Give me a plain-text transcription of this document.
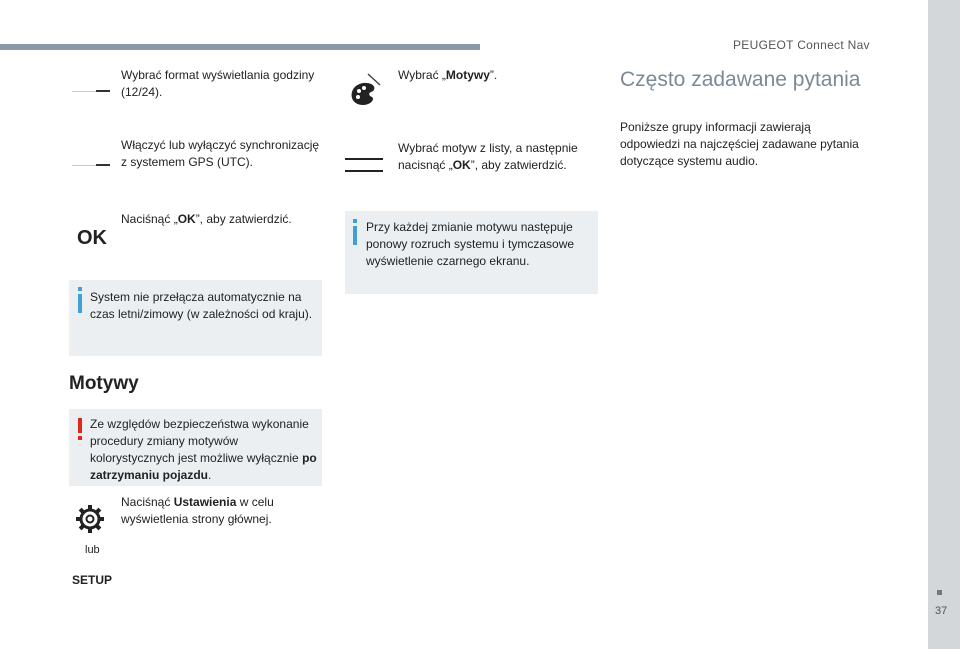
PEUGEOT Connect Nav
37
Wybrać format wyświetlania godziny (12/24).
Włączyć lub wyłączyć synchronizację z systemem GPS (UTC).
OK
Naciśnąć „OK”, aby zatwierdzić.
System nie przełącza automatycznie na czas letni/zimowy (w zależności od kraju).
Motywy
Ze względów bezpieczeństwa wykonanie procedury zmiany motywów kolorystycznych jest możliwe wyłącznie po zatrzymaniu pojazdu.
Naciśnąć Ustawienia w celu wyświetlenia strony głównej.
lub
SETUP
Wybrać „Motywy”.
Wybrać motyw z listy, a następnie nacisnąć „OK”, aby zatwierdzić.
Przy każdej zmianie motywu następuje ponowy rozruch systemu i tymczasowe wyświetlenie czarnego ekranu.
Często zadawane pytania
Poniższe grupy informacji zawierają odpowiedzi na najczęściej zadawane pytania dotyczące systemu audio.
